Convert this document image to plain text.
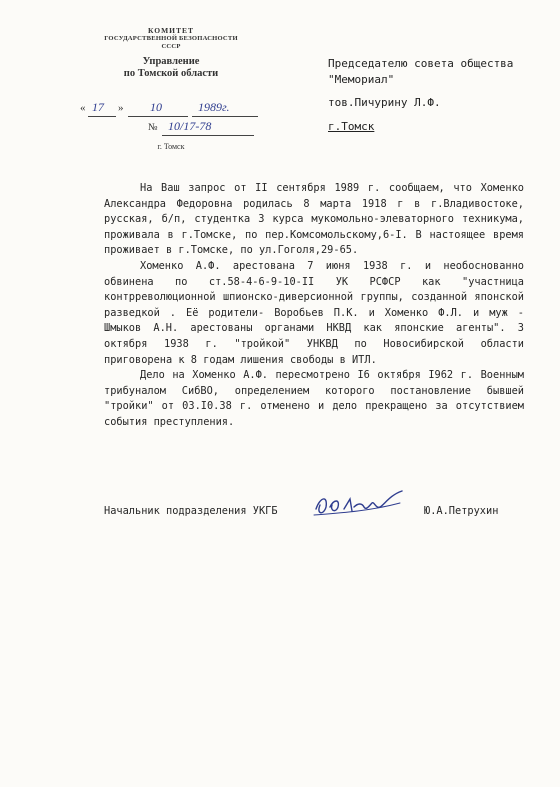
КОМИТЕТ
ГОСУДАРСТВЕННОЙ БЕЗОПАСНОСТИ СССР
Управление
по Томской области
« 17 » 10	1989г.
№ 10/17-78
г. Томск
Председателю совета общества
"Мемориал"
тов.Пичурину Л.Ф.
г.Томск

На Ваш запрос от II сентября 1989 г. сообщаем, что Хоменко Александра Федоровна родилась 8 марта 1918 г в г.Владивостоке, русская, б/п, студентка 3 курса мукомольно-элеваторного техникума, проживала в г.Томске, по пер.Комсомольскому,6-I. В настоящее время проживает в г.Томске, по ул.Гоголя,29-65.

Хоменко А.Ф. арестована 7 июня 1938 г. и необоснованно обвинена по ст.58-4-6-9-10-II УК РСФСР как "участница контрреволюционной шпионско-диверсионной группы, созданной японской разведкой . Её родители- Воробьев П.К. и Хоменко Ф.Л. и муж - Шмыков А.Н. арестованы органами НКВД как японские агенты". 3 октября 1938 г. "тройкой" УНКВД по Новосибирской области приговорена к 8 годам лишения свободы в ИТЛ.

Дело на Хоменко А.Ф. пересмотрено I6 октября I962 г. Военным трибуналом СибВО, определением которого постановление бывшей "тройки" от 03.I0.38 г. отменено и дело прекращено за отсутствием события преступления.

Начальник подразделения УКГБ	Ю.А.Петрухин
